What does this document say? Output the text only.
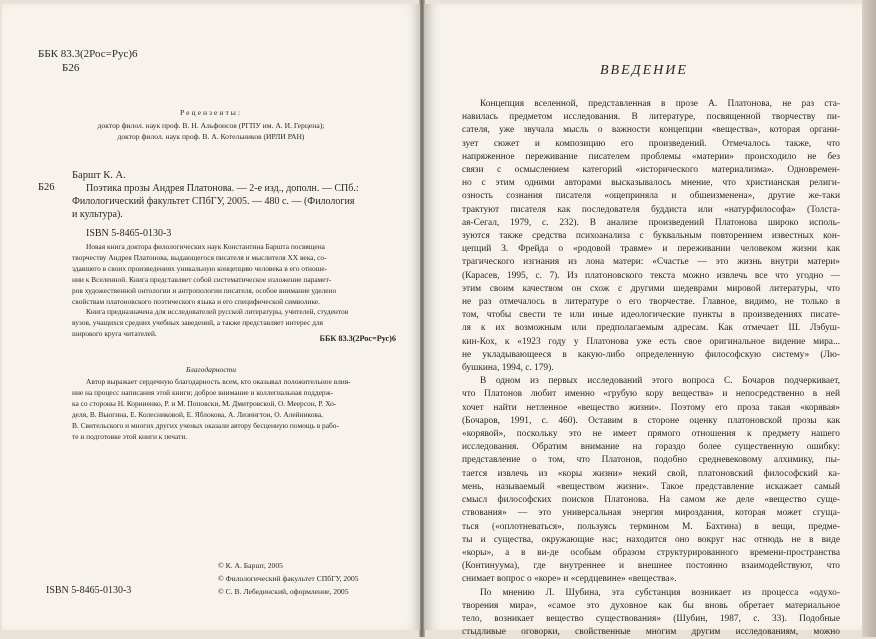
ББК 83.3(2Рос=Рус)6
Б26
Рецензенты:
доктор филол. наук проф. В. Н. Альфонсов (РГПУ им. А. И. Герцена);
доктор филол. наук проф. В. А. Котельников (ИРЛИ РАН)
Баршт К. А.
Б26	Поэтика прозы Андрея Платонова. — 2-е изд., дополн. — СПб.:
Филологический факультет СПбГУ, 2005. — 480 с. — (Филология
и культура).
ISBN 5-8465-0130-3
Новая книга доктора филологических наук Константина Баршта посвящена
творчеству Андрея Платонова, выдающегося писателя и мыслителя XX века, со-
здавшего в своих произведениях уникальную концепцию человека в его отноше-
нии к Вселенной. Книга представляет собой систематическое изложение парамет-
ров художественной онтологии и антропологии писателя, особое внимание уделено
свойствам платоновского поэтического языка и его специфической символике.
Книга предназначена для исследователей русской литературы, учителей, студентов
вузов, учащихся средних учебных заведений, а также представляет интерес для
широкого круга читателей.
ББК 83.3(2Рос=Рус)6
Благодарности
Автор выражает сердечную благодарность всем, кто оказывал положительное влия-
ние на процесс написания этой книги; доброе внимание и коллегиальная поддерж-
ка со стороны Н. Корниенко, Р. и М. Поповски, М. Дмитровской, О. Меерсон, Р. Хо-
деля, В. Вьюгина, Е. Колесниковой, Е. Яблокова, А. Лизингтон, О. Алейникова,
В. Свительского и многих других ученых оказали автору бесценную помощь в рабо-
те и подготовке этой книги к печати.
© К. А. Баршт, 2005
© Филологический факультет СПбГУ, 2005
© С. В. Лебединский, оформление, 2005
ISBN 5-8465-0130-3
ВВЕДЕНИЕ
Концепция вселенной, представленная в прозе А. Платонова, не раз ста-
навилась предметом исследования. В литературе, посвященной творчеству пи-
сателя, уже звучала мысль о важности концепции «вещества», которая органи-
зует сюжет и композицию его произведений. Отмечалось также, что
напряженное переживание писателем проблемы «материи» происходило не без
связи с осмыслением категорий «исторического материализма». Одновремен-
но с этим одними авторами высказывалось мнение, что христианская религи-
озность сознания писателя «ощеприняла и обшеизменена», другие же-таки
трактуют писателя как последователя буддиста или «натурфилософа» (Толста-
ая-Сегал, 1979, с. 232). В анализе произведений Платонова широко исполь-
зуются также средства психоанализа с буквальным повторением известных кон-
цепций З. Фрейда о «родовой травме» и переживании человеком жизни как
трагического изгнания из лона матери: «Счастье — это жизнь внутри матери»
(Карасев, 1995, с. 7). Из платоновского текста можно извлечь все что угодно —
этим своим качеством он схож с другими шедеврами мировой литературы, что
не раз отмечалось в литературе о его творчестве. Главное, видимо, не только в
том, чтобы свести те или иные идеологические пункты в произведениях писате-
ля к их возможным или предполагаемым адресам. Как отмечает Ш. Лэбуш-
кин-Кох, к «1923 году у Платонова уже есть свое оригинальное видение мира...
не укладывающееся в какую-либо определенную философскую систему» (Лю-
бушкина, 1994, с. 179).
В одном из первых исследований этого вопроса С. Бочаров подчеркивает,
что Платонов любит именно «грубую кору вещества» и непосредственно в ней
хочет найти нетленное «вещество жизни». Поэтому его проза такая «корявая»
(Бочаров, 1991, с. 460). Оставим в стороне оценку платоновской прозы как
«корявой», поскольку это не имеет прямого отношения к предмету нашего
исследования. Обратим внимание на гораздо более существенную ошибку:
представление о том, что Платонов, подобно средневековому алхимику, пы-
тается извлечь из «коры жизни» некий свой, платоновский философский ка-
мень, называемый «веществом жизни». Такое представление искажает самый
смысл философских поисков Платонова. На самом же деле «вещество суще-
ствования» — это универсальная энергия мироздания, которая может сгуща-
ться («оплотневаться», пользуясь термином М. Бахтина) в вещи, предме-
ты и существа, окружающие нас; находится оно вокруг нас отнюдь не в виде
«коры», а в ви-де особым образом структурированного времени-пространства
(Континуума), где внутреннее и внешнее постоянно взаимодействуют, что
снимает вопрос о «коре» и «сердцевине» «вещества».
По мнению Л. Шубина, эта субстанция возникает из процесса «одухо-
творения мира», «самое это духовное как бы вновь обретает материальное
тело, возникает вещество существования» (Шубин, 1987, с. 33). Подобные
стыдливые оговорки, свойственные многим другим исследованиям, можно
